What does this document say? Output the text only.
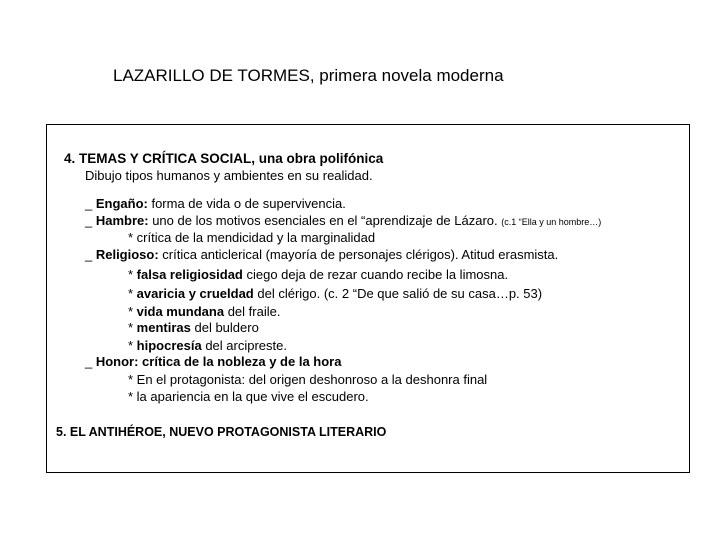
LAZARILLO DE TORMES, primera novela moderna
4. TEMAS Y CRÍTICA SOCIAL, una obra polifónica
Dibujo tipos humanos y ambientes en su realidad.
_ Engaño: forma de vida o de supervivencia.
_ Hambre: uno de los motivos esenciales en el “aprendizaje de Lázaro. (c.1 “Ella y un hombre…)
* crítica de la mendicidad y la marginalidad
_ Religioso: crítica anticlerical (mayoría de personajes clérigos). Atitud erasmista.
* falsa religiosidad ciego deja de rezar cuando recibe la limosna.
* avaricia y crueldad del clérigo. (c. 2 “De que salió de su casa…p. 53)
* vida mundana del fraile.
* mentiras del buldero
* hipocresía del arcipreste.
_ Honor: crítica de la nobleza y de la hora
* En el protagonista: del origen deshonroso a la deshonra final
* la apariencia en la que vive el escudero.
5. EL ANTIHÉROE, NUEVO PROTAGONISTA LITERARIO
